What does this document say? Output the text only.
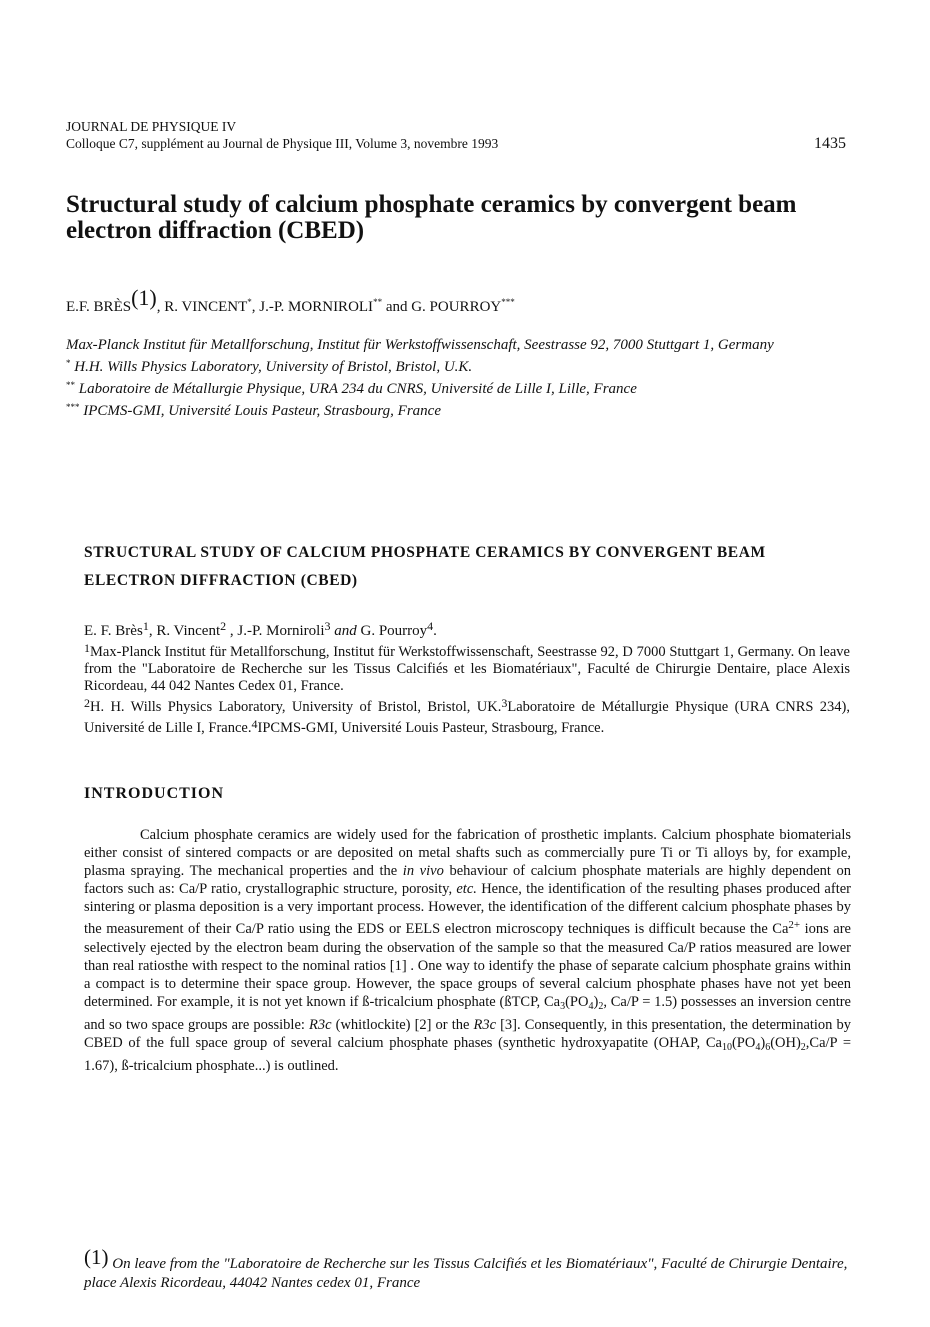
JOURNAL DE PHYSIQUE IV
Colloque C7, supplément au Journal de Physique III, Volume 3, novembre 1993	1435
Structural study of calcium phosphate ceramics by convergent beam electron diffraction (CBED)
E.F. BRÈS(1), R. VINCENT*, J.-P. MORNIROLI** and G. POURROY***
Max-Planck Institut für Metallforschung, Institut für Werkstoffwissenschaft, Seestrasse 92, 7000 Stuttgart 1, Germany
* H.H. Wills Physics Laboratory, University of Bristol, Bristol, U.K.
** Laboratoire de Métallurgie Physique, URA 234 du CNRS, Université de Lille I, Lille, France
*** IPCMS-GMI, Université Louis Pasteur, Strasbourg, France
STRUCTURAL STUDY OF CALCIUM PHOSPHATE CERAMICS BY CONVERGENT BEAM ELECTRON DIFFRACTION (CBED)
E. F. Brès$^1$, R. Vincent$^2$ , J.-P. Morniroli$^3$ and G. Pourroy$^4$.
$^1$Max-Planck Institut für Metallforschung, Institut für Werkstoffwissenschaft, Seestrasse 92, D 7000 Stuttgart 1, Germany. On leave from the "Laboratoire de Recherche sur les Tissus Calcifiés et les Biomatériaux", Faculté de Chirurgie Dentaire, place Alexis Ricordeau, 44 042 Nantes Cedex 01, France.
$^2$H. H. Wills Physics Laboratory, University of Bristol, Bristol, UK.$^3$Laboratoire de Métallurgie Physique (URA CNRS 234), Université de Lille I, France.$^4$IPCMS-GMI, Université Louis Pasteur, Strasbourg, France.
INTRODUCTION

Calcium phosphate ceramics are widely used for the fabrication of prosthetic implants. Calcium phosphate biomaterials either consist of sintered compacts or are deposited on metal shafts such as commercially pure Ti or Ti alloys by, for example, plasma spraying. The mechanical properties and the in vivo behaviour of calcium phosphate materials are highly dependent on factors such as: Ca/P ratio, crystallographic structure, porosity, etc. Hence, the identification of the resulting phases produced after sintering or plasma deposition is a very important process. However, the identification of the different calcium phosphate phases by the measurement of their Ca/P ratio using the EDS or EELS electron microscopy techniques is difficult because the $Ca^{2+}$ ions are selectively ejected by the electron beam during the observation of the sample so that the measured Ca/P ratios measured are lower than real ratiosthe with respect to the nominal ratios [1] . One way to identify the phase of separate calcium phosphate grains within a compact is to determine their space group. However, the space groups of several calcium phosphate phases have not yet been determined. For example, it is not yet known if ß-tricalcium phosphate (ßTCP, $Ca_3(PO_4)_2$, Ca/P = 1.5) possesses an inversion centre and so two space groups are possible: R3c (whitlockite) [2] or the R3c [3]. Consequently, in this presentation, the determination by CBED of the full space group of several calcium phosphate phases (synthetic hydroxyapatite (OHAP, $Ca_{10}(PO_4)_6(OH)_2,Ca/P = 1.67$), ß-tricalcium phosphate...) is outlined.

(1) On leave from the "Laboratoire de Recherche sur les Tissus Calcifiés et les Biomatériaux", Faculté de Chirurgie Dentaire, place Alexis Ricordeau, 44042 Nantes cedex 01, France
